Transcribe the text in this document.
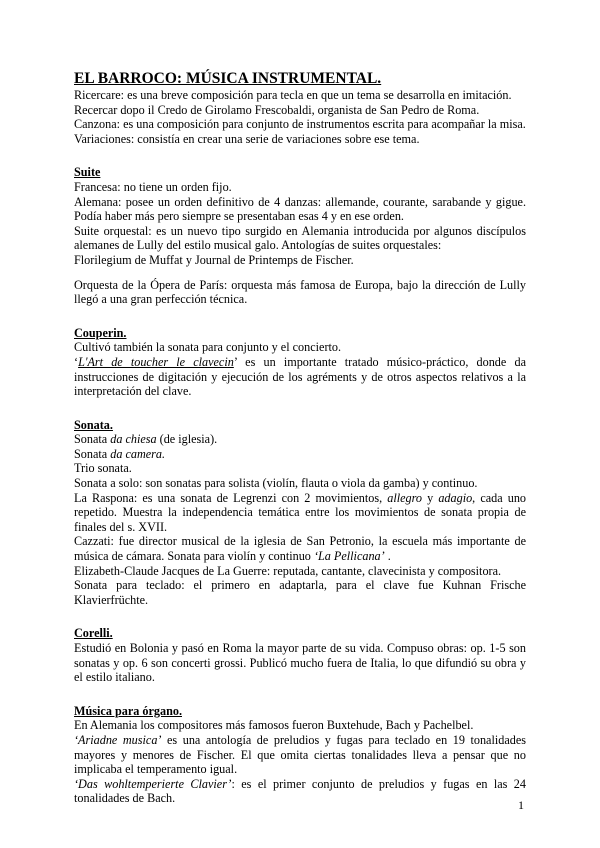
EL BARROCO: MÚSICA INSTRUMENTAL.

Ricercare: es una breve composición para tecla en que un tema se desarrolla en imitación.

Recercar dopo il Credo de Girolamo Frescobaldi, organista de San Pedro de Roma.

Canzona: es una composición para conjunto de instrumentos escrita para acompañar la misa.

Variaciones: consistía en crear una serie de variaciones sobre ese tema.

Suite

Francesa: no tiene un orden fijo.

Alemana: posee un orden definitivo de 4 danzas: allemande, courante, sarabande y gigue. Podía haber más pero siempre se presentaban esas 4 y en ese orden.

Suite orquestal: es un nuevo tipo surgido en Alemania introducida por algunos discípulos alemanes de Lully del estilo musical galo. Antologías de suites orquestales:

Florilegium de Muffat y Journal de Printemps de Fischer.

Orquesta de la Ópera de París: orquesta más famosa de Europa, bajo la dirección de Lully llegó a una gran perfección técnica.

Couperin.

Cultivó también la sonata para conjunto y el concierto.

‘L'Art de toucher le clavecin’ es un importante tratado músico-práctico, donde da instrucciones de digitación y ejecución de los agréments y de otros aspectos relativos a la interpretación del clave.

Sonata.

Sonata da chiesa (de iglesia).

Sonata da camera.

Trio sonata.

Sonata a solo: son sonatas para solista (violín, flauta o viola da gamba) y continuo.

La Raspona: es una sonata de Legrenzi con 2 movimientos, allegro y adagio, cada uno repetido. Muestra la independencia temática entre los movimientos de sonata propia de finales del s. XVII.

Cazzati: fue director musical de la iglesia de San Petronio, la escuela más importante de música de cámara. Sonata para violín y continuo ‘La Pellicana’ .

Elizabeth-Claude Jacques de La Guerre: reputada, cantante, clavecinista y compositora.

Sonata para teclado: el primero en adaptarla, para el clave fue Kuhnan Frische Klavierfrüchte.

Corelli.

Estudió en Bolonia y pasó en Roma la mayor parte de su vida. Compuso obras: op. 1-5 son sonatas y op. 6 son concerti grossi. Publicó mucho fuera de Italia, lo que difundió su obra y el estilo italiano.

Música para órgano.

En Alemania los compositores más famosos fueron Buxtehude, Bach y Pachelbel.

‘Ariadne musica’ es una antología de preludios y fugas para teclado en 19 tonalidades mayores y menores de Fischer. El que omita ciertas tonalidades lleva a pensar que no implicaba el temperamento igual.

‘Das wohltemperierte Clavier’: es el primer conjunto de preludios y fugas en las 24 tonalidades de Bach.	1
